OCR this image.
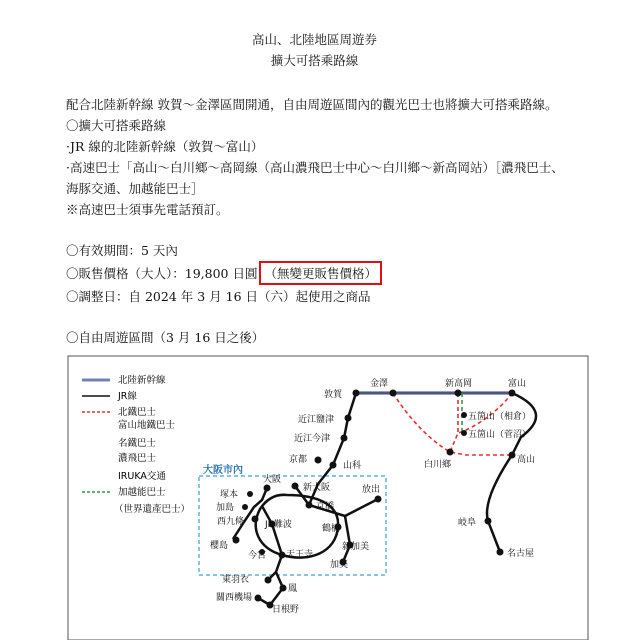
高山、北陸地區周遊券
擴大可搭乘路線
配合北陸新幹線 敦賀～金澤區間開通，自由周遊區間內的觀光巴士也將擴大可搭乘路線。
〇擴大可搭乘路線
·JR 線的北陸新幹線（敦賀～富山）
·高速巴士「高山～白川鄉～高岡線（高山濃飛巴士中心～白川鄉～新高岡站）［濃飛巴士、
海豚交通、加越能巴士］
※高速巴士須事先電話預訂。
〇有效期間：5 天內
〇販售價格（大人）：19,800 日圓 （無變更販售價格）
〇調整日：自 2024 年 3 月 16 日（六）起使用之商品
〇自由周遊區間（3 月 16 日之後）
北陸新幹線
JR線
北鐵巴士
富山地鐵巴士
名鐵巴士
濃飛巴士
IRUKA交通
加越能巴士
（世界遺產巴士）
大阪市內
敦賀
金澤	新高岡	富山
五箇山（相倉）
五箇山（菅沼）
白川鄉	高山
岐阜
名古屋
近江鹽津
近江今津
京都
山科
新大阪
大阪
塚本
加島
西九條
櫻島
JR難波
京橋
放出
鶴橋
新加美
加美
今宮 天王寺
東羽衣
鳳
關西機場
日根野
